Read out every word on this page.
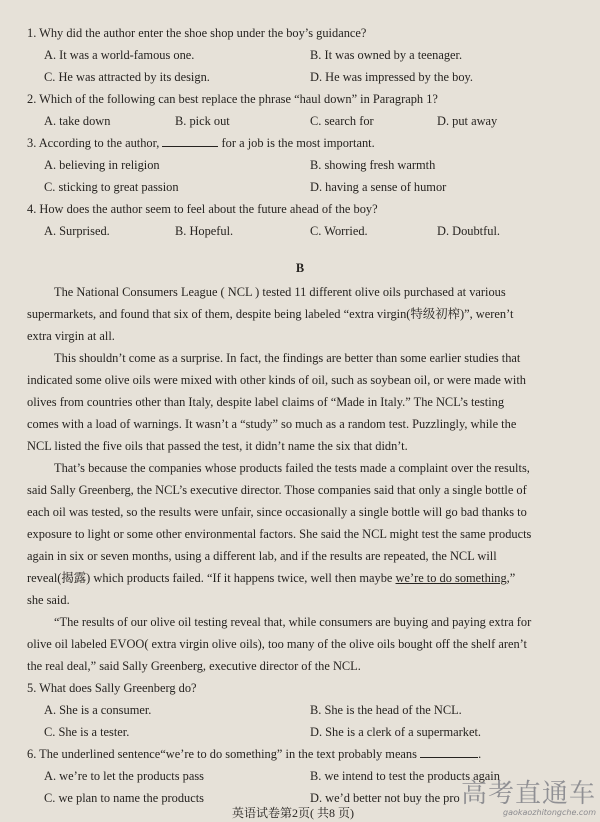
1. Why did the author enter the shoe shop under the boy’s guidance?
A. It was a world-famous one.	B. It was owned by a teenager.
C. He was attracted by its design.	D. He was impressed by the boy.
2. Which of the following can best replace the phrase “haul down” in Paragraph 1?
A. take down	B. pick out	C. search for	D. put away
3. According to the author,	for a job is the most important.
A. believing in religion	B. showing fresh warmth
C. sticking to great passion	D. having a sense of humor
4. How does the author seem to feel about the future ahead of the boy?
A. Surprised.	B. Hopeful.	C. Worried.	D. Doubtful.
B
The National Consumers League ( NCL ) tested 11 different olive oils purchased at various
supermarkets, and found that six of them, despite being labeled “extra virgin(特级初榨)”, weren’t
extra virgin at all.
This shouldn’t come as a surprise. In fact, the findings are better than some earlier studies that
indicated some olive oils were mixed with other kinds of oil, such as soybean oil, or were made with
olives from countries other than Italy, despite label claims of “Made in Italy.” The NCL’s testing
comes with a load of warnings. It wasn’t a “study” so much as a random test. Puzzlingly, while the
NCL listed the five oils that passed the test, it didn’t name the six that didn’t.
That’s because the companies whose products failed the tests made a complaint over the results,
said Sally Greenberg, the NCL’s executive director. Those companies said that only a single bottle of
each oil was tested, so the results were unfair, since occasionally a single bottle will go bad thanks to
exposure to light or some other environmental factors. She said the NCL might test the same products
again in six or seven months, using a different lab, and if the results are repeated, the NCL will
reveal(揭露) which products failed. “If it happens twice, well then maybe we’re to do something,”
she said.
“The results of our olive oil testing reveal that, while consumers are buying and paying extra for
olive oil labeled EVOO( extra virgin olive oils), too many of the olive oils bought off the shelf aren’t
the real deal,” said Sally Greenberg, executive director of the NCL.
5. What does Sally Greenberg do?
A. She is a consumer.	B. She is the head of the NCL.
C. She is a tester.	D. She is a clerk of a supermarket.
6. The underlined sentence“we’re to do something” in the text probably means	.
A. we’re to let the products pass	B. we intend to test the products again
C. we plan to name the products	D. we’d better not buy the pro
英语试卷第2页( 共8 页)
高考直通车
gaokaozhitongche.com
